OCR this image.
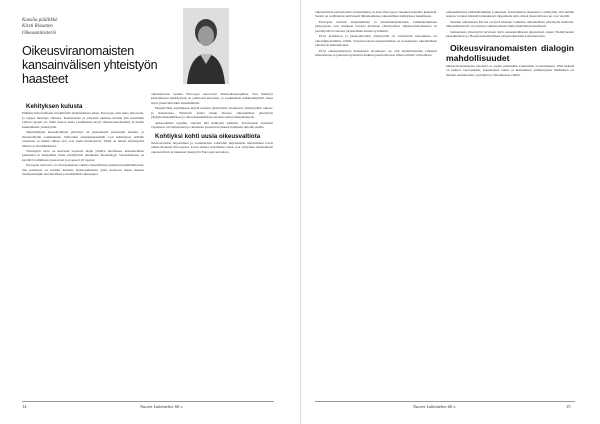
Kanslia päällikkö
Kirsti Rissanen
Oikeusministeriö
Oikeusviranomaisten kansainvälisen yhteistyön haasteet

Kehityksen kulusta

Elämme historiallisesti merkittävää yhdentymisen aikaa. Eurooppa etsii uutta muotoaan, ja rajojen merkitys vähenee. Kansalaisten ja yritysten toiminta ulottuu yhä useammin valtion rajojen yli, mikä asettaa uusia vaatimuksia myös oikeusviranomaisille ja niiden keskinäiselle yhteistyölle.

Oikeudellinen kansainvälinen yhteistyö on perinteisesti perustunut kahden- ja monenvälisiin sopimuksiin. Valtioiden oikeusjärjestelmät ovat kehittyneet erillään toisistaan, ja niiden väliset erot ovat usein huomattavia. Tämä on tehnyt yhteistyöstä hidasta ja monimutkaista.

Yhteistyön tarve on kasvanut nopeasti. Rajat ylittävä rikollisuus, kansainväliset perheasiat ja kaupalliset riidat edellyttävät tehokkaita menettelyjä. Viranomaisten on kyettävä toimimaan joustavasti ja nopeasti yli rajojen.

Euroopan neuvosto on ollut keskeinen toimija oikeudellisen yhteistyön kehittämisessä. Sen puitteissa on laadittu lukuisia yleissopimuksia, jotka koskevat muun muassa rikoksentekijän luovuttamista ja keskinäistä oikeusapua.

oikeusturvaan kuuluu Euroopan neuvoston ihmisoikeussopimus. Sen merkitys kansallisessa lainkäytössä on jatkuvasti kasvanut, ja sopimuksen tulkintakäytäntö ohjaa myös jäsenvaltioiden lainsäädäntöä.

Maastrichtin sopimuksen myötä unionin jäsenvaltiot sitoutuivat yhteistyöhön oikeus- ja sisäasioissa. Yhteistyö kattaa muun muassa oikeudellisen yhteistyön yksityisoikeudellisissa ja rikosoikeudellisissa asioissa sekä poliisiyhteistyön.

Amsterdamin sopimus vahvisti tätä kehitystä edelleen. Tavoitteeksi asetettiin vapauteen, turvallisuuteen ja oikeuteen perustuvan alueen luominen unionin sisälle.

Kohtiyksi kohti uusia oikeusvaltiota

Neuvostoliiton hajoaminen ja sosialististen valtioiden järjestelmän murtuminen loivat uuden tilanteen Euroopassa. Useat entiset sosialistiset maat ovat ryhtyneet rakentamaan oikeusvaltiota ja hakeneet jäsenyyttä Euroopan unionissa.

14	Nuoret Lakimiehet 60 v.

oikeusvaltion periaatteiden toteutuminen on koko Euroopan vakauden kannalta keskeistä. Suomi on osallistunut aktiivisesti lähialueidensa oikeudellisen kehityksen tukemiseen.

Euroopan unionin laajentuminen ja jäsenehdokasmaiden valmistautuminen jäsenyyteen ovat lisänneet tarvetta tiiviiseen yhteistyöhön. Oikeusviranomaisten on perehdyttävä toistensa järjestelmiin entistä syvemmin.

EU:n komission ja jäsenvaltioiden yhteistyöllä on vahvistettu luottamusta eri oikeusjärjestelmien välillä. Vastavuoroinen tunnustaminen on nousemassa oikeudellisen yhteistyön kulmakiveksi.

EU:n oikeusyhteistyön keskeisenä tavoitteena on, että tuomioistuinten ratkaisut tunnustetaan ja pannaan täytäntöön kaikissa jäsenvaltioissa ilman erillisiä välivaiheita.

ratkaisemisessa mahdollisimman joutuisasti. Kansalaisten oikeusturva edellyttää, että heidän asiansa voidaan käsitellä tehokkaasti riippumatta siitä, missä jäsenvaltiossa ne ovat vireillä.

Suomen ulkomaisen EU:ssa on hyvä tilaisuus vaikuttaa oikeudellisen yhteistyön sisältöön. Oikeusministeriö on osaltaan valmistautunut tähän tehtävään huolellisesti.

Samanlaista yhteistyötä tarvitaan myös kansainvälisissä järjestöissä, kuten Yhdistyneissä kansakunnissa ja Haagin kansainvälisen yksityisoikeuden konferenssissa.

Oikeusviranomaisten dialogin mahdollisuudet

Oikeusviranomaisten yhteistyö ei rajoitu pelkästään sopimusten soveltamiseen. Yhtä tärkeää on jatkuva vuoropuhelu, kokemusten vaihto ja keskinäisen ymmärryksen lisääminen eri maiden tuomareiden, syyttäjien ja virkamiesten välillä.

Nuoret Lakimiehet 60 v.	15
